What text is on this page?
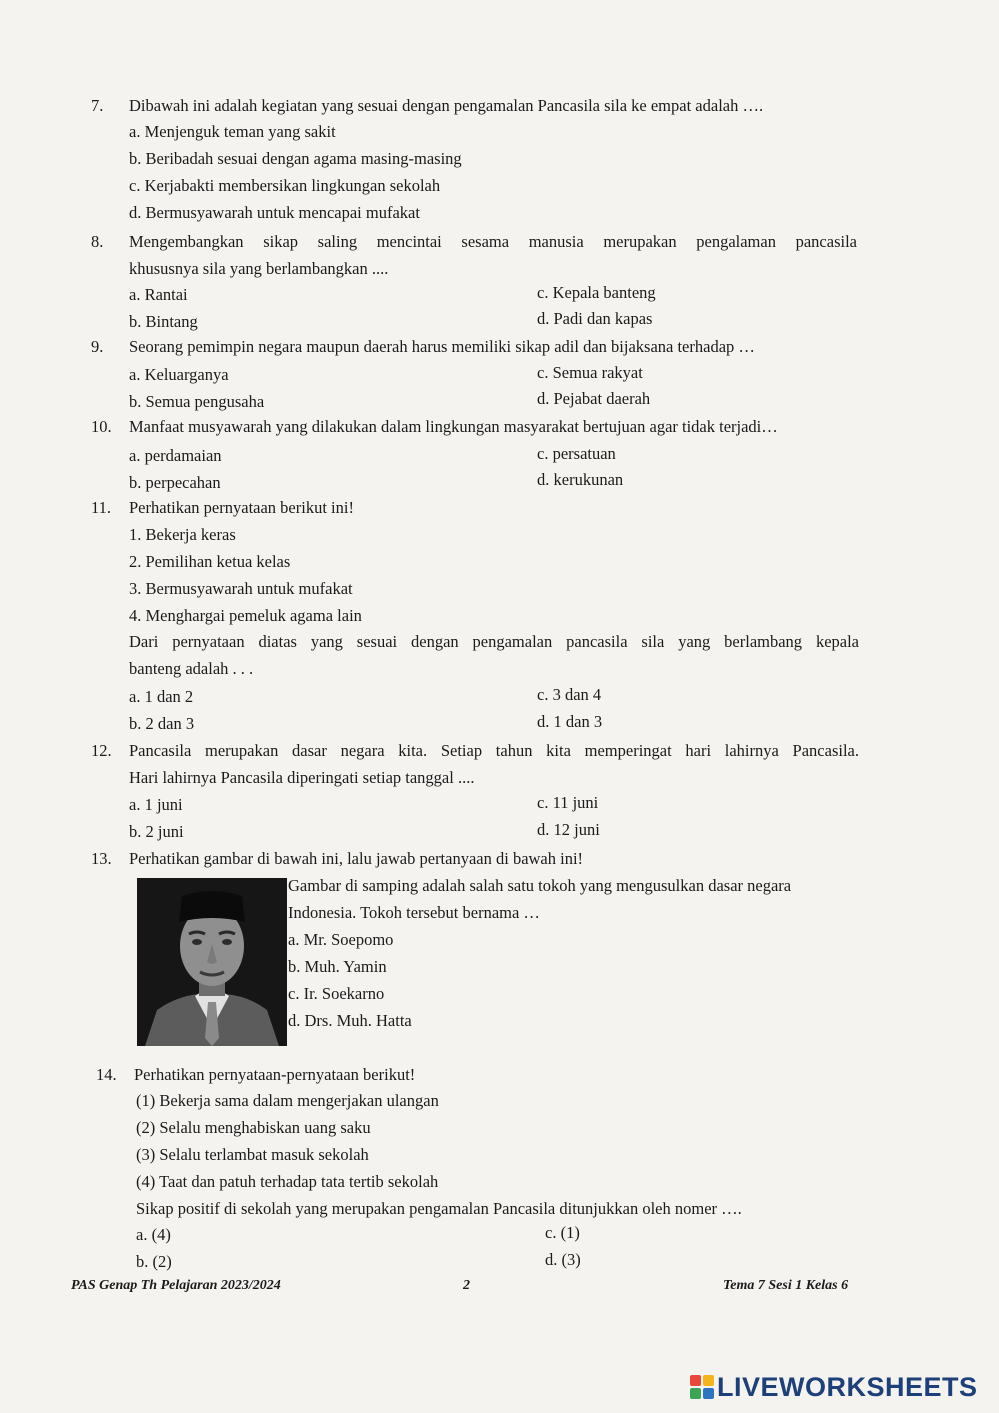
7.	Dibawah ini adalah kegiatan yang sesuai dengan pengamalan Pancasila sila ke empat adalah ….
a. Menjenguk teman yang sakit
b. Beribadah sesuai dengan agama masing-masing
c. Kerjabakti membersikan lingkungan sekolah
d. Bermusyawarah untuk mencapai mufakat
8.	Mengembangkan sikap saling mencintai sesama manusia merupakan pengalaman pancasila
khususnya sila yang berlambangkan ....
a. Rantai	c. Kepala banteng
b. Bintang	d. Padi dan kapas
9.	Seorang pemimpin negara maupun daerah harus memiliki sikap adil dan bijaksana terhadap …
a. Keluarganya	c. Semua rakyat
b. Semua pengusaha	d. Pejabat daerah
10.	Manfaat musyawarah yang dilakukan dalam lingkungan masyarakat bertujuan agar tidak terjadi…
a. perdamaian	c. persatuan
b. perpecahan	d. kerukunan
11.	Perhatikan pernyataan berikut ini!
1. Bekerja keras
2. Pemilihan ketua kelas
3. Bermusyawarah untuk mufakat
4. Menghargai pemeluk agama lain
Dari pernyataan diatas yang sesuai dengan pengamalan pancasila sila yang berlambang kepala
banteng adalah . . .
a. 1 dan 2	c. 3 dan 4
b. 2 dan 3	d. 1 dan 3
12.	Pancasila merupakan dasar negara kita. Setiap tahun kita memperingat hari lahirnya Pancasila.
Hari lahirnya Pancasila diperingati setiap tanggal ....
a. 1 juni	c. 11 juni
b. 2 juni	d. 12 juni
13.	Perhatikan gambar di bawah ini, lalu jawab pertanyaan di bawah ini!
Gambar di samping adalah salah satu tokoh yang mengusulkan dasar negara
Indonesia. Tokoh tersebut bernama …
a. Mr. Soepomo
b. Muh. Yamin
c. Ir. Soekarno
d. Drs. Muh. Hatta
14.	Perhatikan pernyataan-pernyataan berikut!
(1) Bekerja sama dalam mengerjakan ulangan
(2) Selalu menghabiskan uang saku
(3) Selalu terlambat masuk sekolah
(4) Taat dan patuh terhadap tata tertib sekolah
Sikap positif di sekolah yang merupakan pengamalan Pancasila ditunjukkan oleh nomer ….
a. (4)	c. (1)
b. (2)	d. (3)
PAS Genap Th Pelajaran 2023/2024	2	Tema 7 Sesi 1 Kelas 6
LIVEWORKSHEETS
